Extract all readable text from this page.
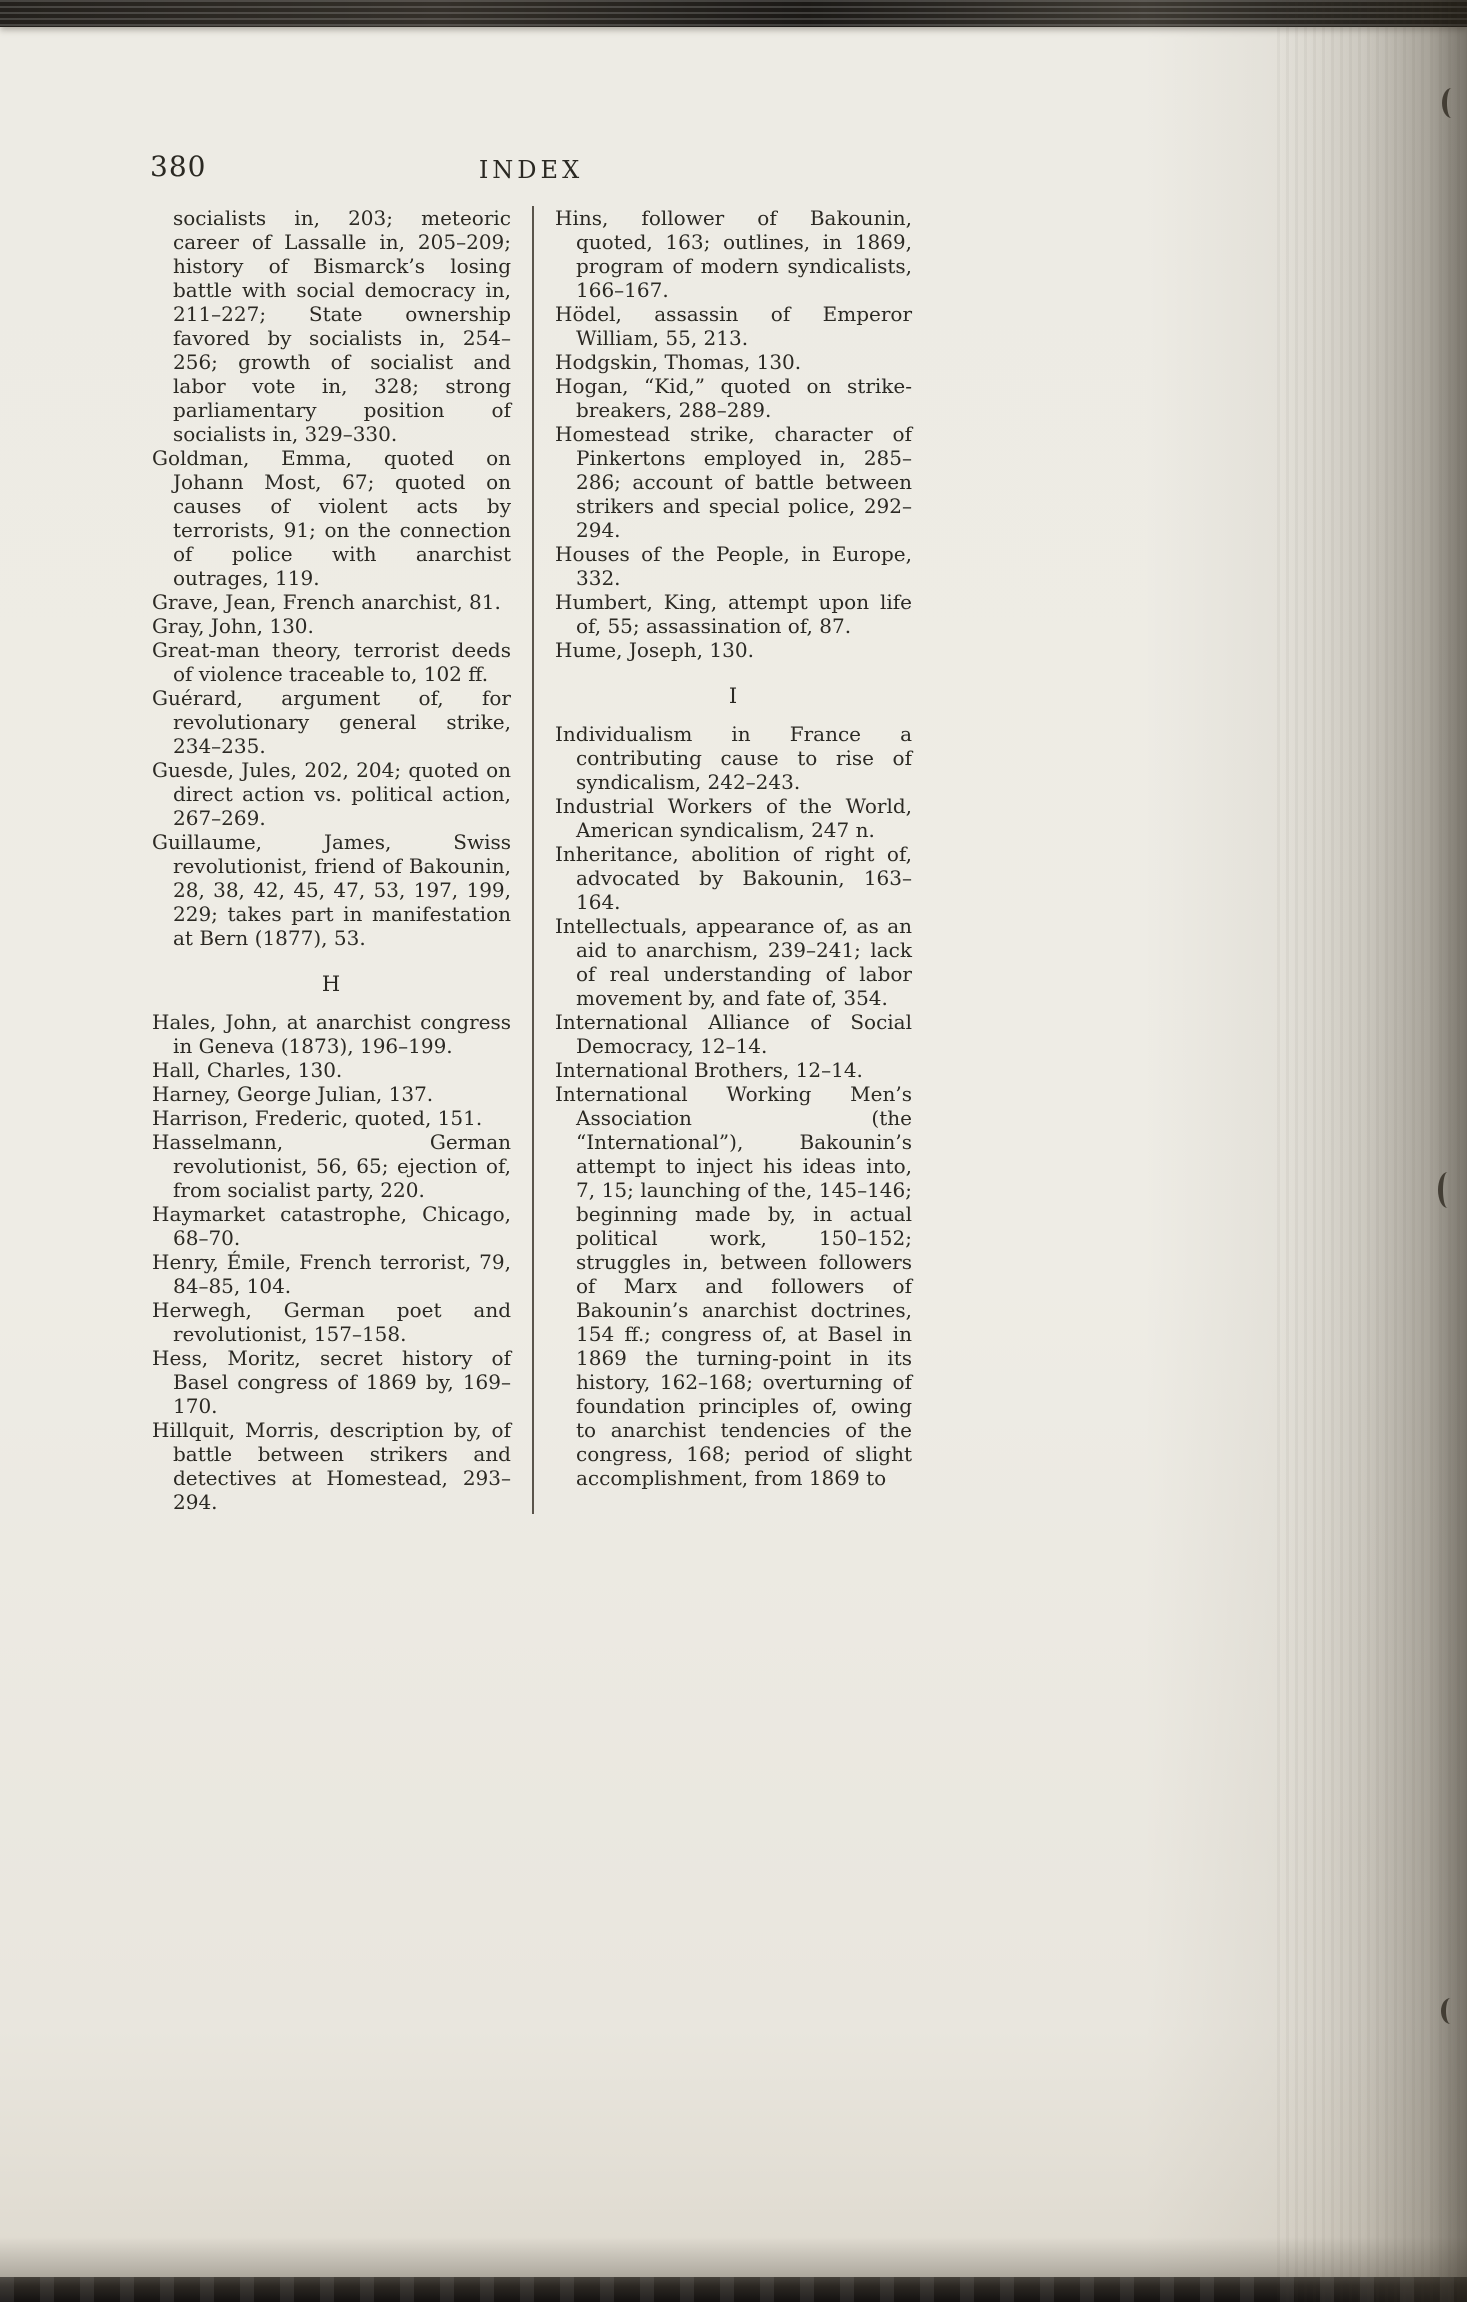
380	INDEX

socialists in, 203; meteoric career of Lassalle in, 205–209; history of Bismarck’s losing battle with social democracy in, 211–227; State ownership favored by socialists in, 254–256; growth of socialist and labor vote in, 328; strong parliamentary position of socialists in, 329–330.

Goldman, Emma, quoted on Johann Most, 67; quoted on causes of violent acts by terrorists, 91; on the connection of police with anarchist outrages, 119.

Grave, Jean, French anarchist, 81.

Gray, John, 130.

Great-man theory, terrorist deeds of violence traceable to, 102 ff.

Guérard, argument of, for revolutionary general strike, 234–235.

Guesde, Jules, 202, 204; quoted on direct action vs. political action, 267–269.

Guillaume, James, Swiss revolutionist, friend of Bakounin, 28, 38, 42, 45, 47, 53, 197, 199, 229; takes part in manifestation at Bern (1877), 53.

H

Hales, John, at anarchist congress in Geneva (1873), 196–199.

Hall, Charles, 130.

Harney, George Julian, 137.

Harrison, Frederic, quoted, 151.

Hasselmann, German revolutionist, 56, 65; ejection of, from socialist party, 220.

Haymarket catastrophe, Chicago, 68–70.

Henry, Émile, French terrorist, 79, 84–85, 104.

Herwegh, German poet and revolutionist, 157–158.

Hess, Moritz, secret history of Basel congress of 1869 by, 169–170.

Hillquit, Morris, description by, of battle between strikers and detectives at Homestead, 293–294.

Hins, follower of Bakounin, quoted, 163; outlines, in 1869, program of modern syndicalists, 166–167.

Hödel, assassin of Emperor William, 55, 213.

Hodgskin, Thomas, 130.

Hogan, “Kid,” quoted on strike-breakers, 288–289.

Homestead strike, character of Pinkertons employed in, 285–286; account of battle between strikers and special police, 292–294.

Houses of the People, in Europe, 332.

Humbert, King, attempt upon life of, 55; assassination of, 87.

Hume, Joseph, 130.

I

Individualism in France a contributing cause to rise of syndicalism, 242–243.

Industrial Workers of the World, American syndicalism, 247 n.

Inheritance, abolition of right of, advocated by Bakounin, 163–164.

Intellectuals, appearance of, as an aid to anarchism, 239–241; lack of real understanding of labor movement by, and fate of, 354.

International Alliance of Social Democracy, 12–14.

International Brothers, 12–14.

International Working Men’s Association (the “International”), Bakounin’s attempt to inject his ideas into, 7, 15; launching of the, 145–146; beginning made by, in actual political work, 150–152; struggles in, between followers of Marx and followers of Bakounin’s anarchist doctrines, 154 ff.; congress of, at Basel in 1869 the turning-point in its history, 162–168; overturning of foundation principles of, owing to anarchist tendencies of the congress, 168; period of slight accomplishment, from 1869 to
